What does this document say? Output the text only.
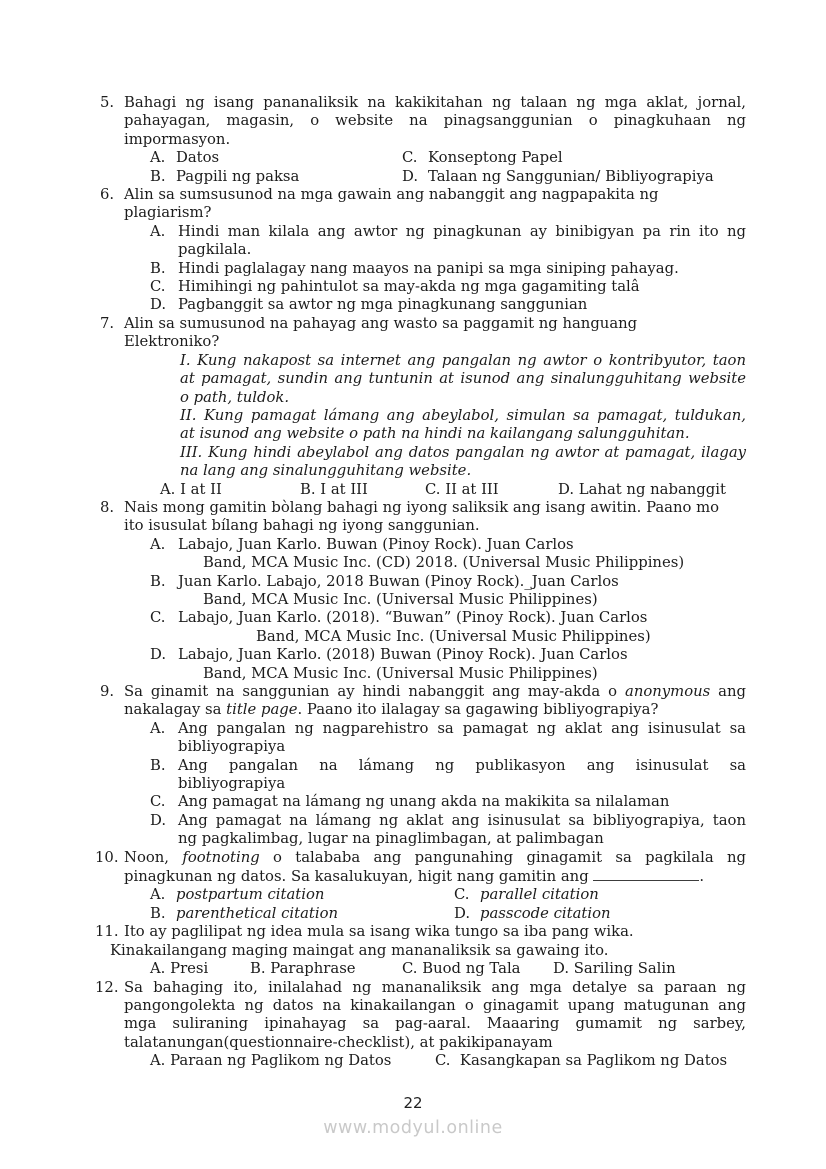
5. Bahagi ng isang pananaliksik na kakikitahan ng talaan ng mga aklat, jornal,
pahayagan, magasin, o website na pinagsanggunian o pinagkuhaan ng
impormasyon.
A. Datos	C. Konseptong Papel
B. Pagpili ng paksa	D. Talaan ng Sanggunian/ Bibliyograpiya
6. Alin sa sumsusunod na mga gawain ang nabanggit ang nagpapakita ng
plagiarism?
A. Hindi man kilala ang awtor ng pinagkunan ay binibigyan pa rin ito ng
pagkilala.
B. Hindi paglalagay nang maayos na panipi sa mga siniping pahayag.
C. Himihingi ng pahintulot sa may-akda ng mga gagamiting talâ
D. Pagbanggit sa awtor ng mga pinagkunang sanggunian
7. Alin sa sumusunod na pahayag ang wasto sa paggamit ng hanguang
Elektroniko?
I. Kung nakapost sa internet ang pangalan ng awtor o kontribyutor, taon
at pamagat, sundin ang tuntunin at isunod ang sinalungguhitang website
o path, tuldok.
II. Kung pamagat lámang ang abeylabol, simulan sa pamagat, tuldukan,
at isunod ang website o path na hindi na kailangang salungguhitan.
III. Kung hindi abeylabol ang datos pangalan ng awtor at pamagat, ilagay
na lang ang sinalungguhitang website.
A. I at II	B. I at III	C. II at III	D. Lahat ng nabanggit
8. Nais mong gamitin bòlang bahagi ng iyong saliksik ang isang awitin. Paano mo
ito isusulat bílang bahagi ng iyong sanggunian.
A. Labajo, Juan Karlo. Buwan (Pinoy Rock). Juan Carlos
Band, MCA Music Inc. (CD) 2018. (Universal Music Philippines)
B. Juan Karlo. Labajo, 2018 Buwan (Pinoy Rock)._Juan Carlos
Band, MCA Music Inc. (Universal Music Philippines)
C. Labajo, Juan Karlo. (2018). “Buwan” (Pinoy Rock). Juan Carlos
Band, MCA Music Inc. (Universal Music Philippines)
D. Labajo, Juan Karlo. (2018) Buwan (Pinoy Rock). Juan Carlos
Band, MCA Music Inc. (Universal Music Philippines)
9. Sa ginamit na sanggunian ay hindi nabanggit ang may-akda o anonymous ang
nakalagay sa title page. Paano ito ilalagay sa gagawing bibliyograpiya?
A. Ang pangalan ng nagparehistro sa pamagat ng aklat ang isinusulat sa
bibliyograpiya
B. Ang pangalan na lámang ng publikasyon ang isinusulat sa
bibliyograpiya
C. Ang pamagat na lámang ng unang akda na makikita sa nilalaman
D. Ang pamagat na lámang ng aklat ang isinusulat sa bibliyograpiya, taon
ng pagkalimbag, lugar na pinaglimbagan, at palimbagan
10. Noon, footnoting o talababa ang pangunahing ginagamit sa pagkilala ng
pinagkunan ng datos. Sa kasalukuyan, higit nang gamitin ang	.
A. postpartum citation	C. parallel citation
B. parenthetical citation	D. passcode citation
11. Ito ay paglilipat ng idea mula sa isang wika tungo sa iba pang wika.
Kinakailangang maging maingat ang mananaliksik sa gawaing ito.
A. Presi	B. Paraphrase	C. Buod ng Tala	D. Sariling Salin
12. Sa bahaging ito, inilalahad ng mananaliksik ang mga detalye sa paraan ng
pangongolekta ng datos na kinakailangan o ginagamit upang matugunan ang
mga suliraning ipinahayag sa pag-aaral. Maaaring gumamit ng sarbey,
talatanungan(questionnaire-checklist), at pakikipanayam
A. Paraan ng Paglikom ng Datos	C. Kasangkapan sa Paglikom ng Datos
22
www.modyul.online
